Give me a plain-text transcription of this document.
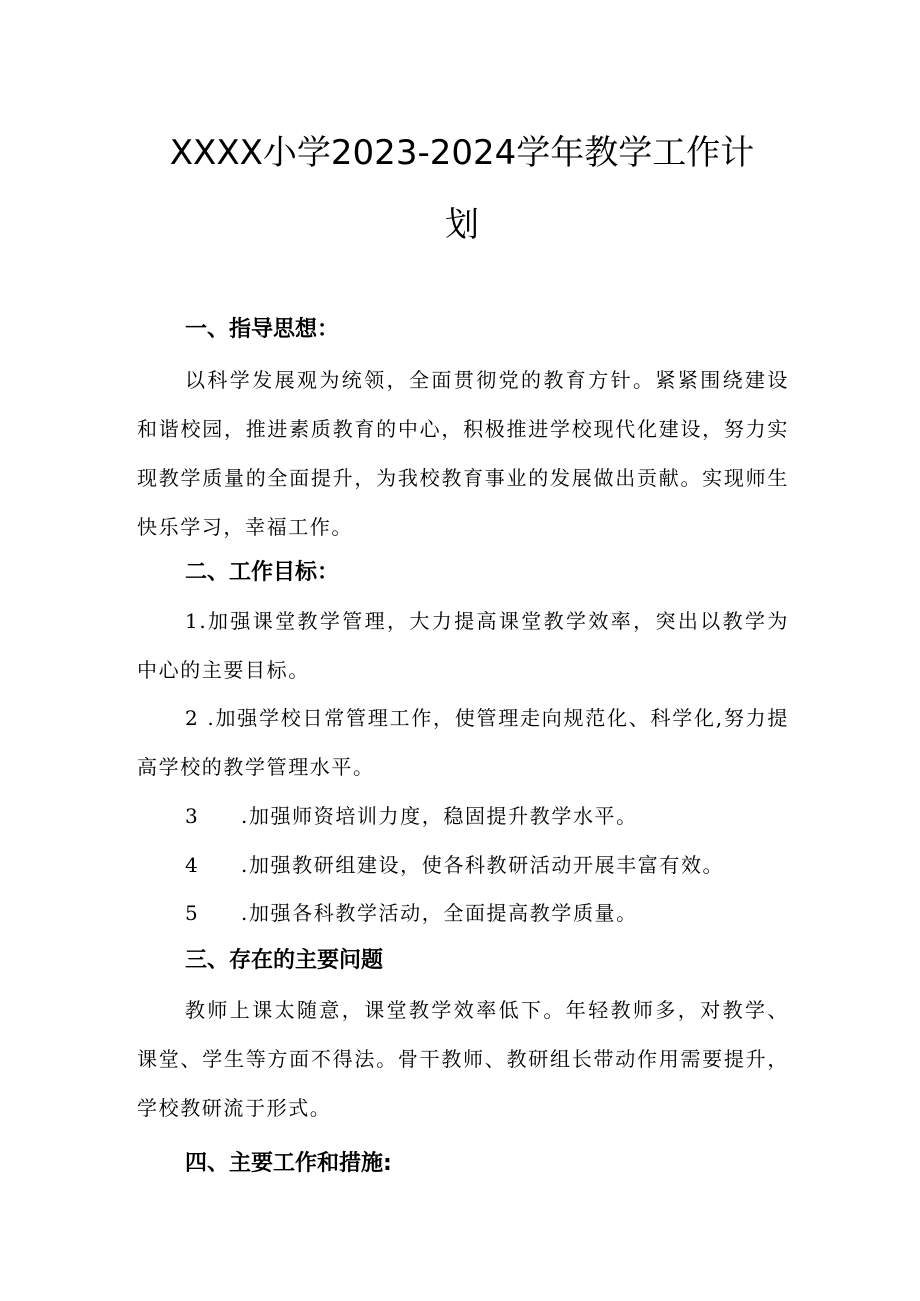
XXXX小学2023-2024学年教学工作计
划
一、指导思想：
以科学发展观为统领，全面贯彻党的教育方针。紧紧围绕建设和谐校园，推进素质教育的中心，积极推进学校现代化建设，努力实现教学质量的全面提升，为我校教育事业的发展做出贡献。实现师生快乐学习，幸福工作。
二、工作目标：
1.加强课堂教学管理，大力提高课堂教学效率，突出以教学为中心的主要目标。
2 .加强学校日常管理工作，使管理走向规范化、科学化,努力提高学校的教学管理水平。
3 .加强师资培训力度，稳固提升教学水平。
4 .加强教研组建设，使各科教研活动开展丰富有效。
5 .加强各科教学活动，全面提高教学质量。
三、存在的主要问题
教师上课太随意，课堂教学效率低下。年轻教师多，对教学、课堂、学生等方面不得法。骨干教师、教研组长带动作用需要提升，学校教研流于形式。
四、主要工作和措施:
